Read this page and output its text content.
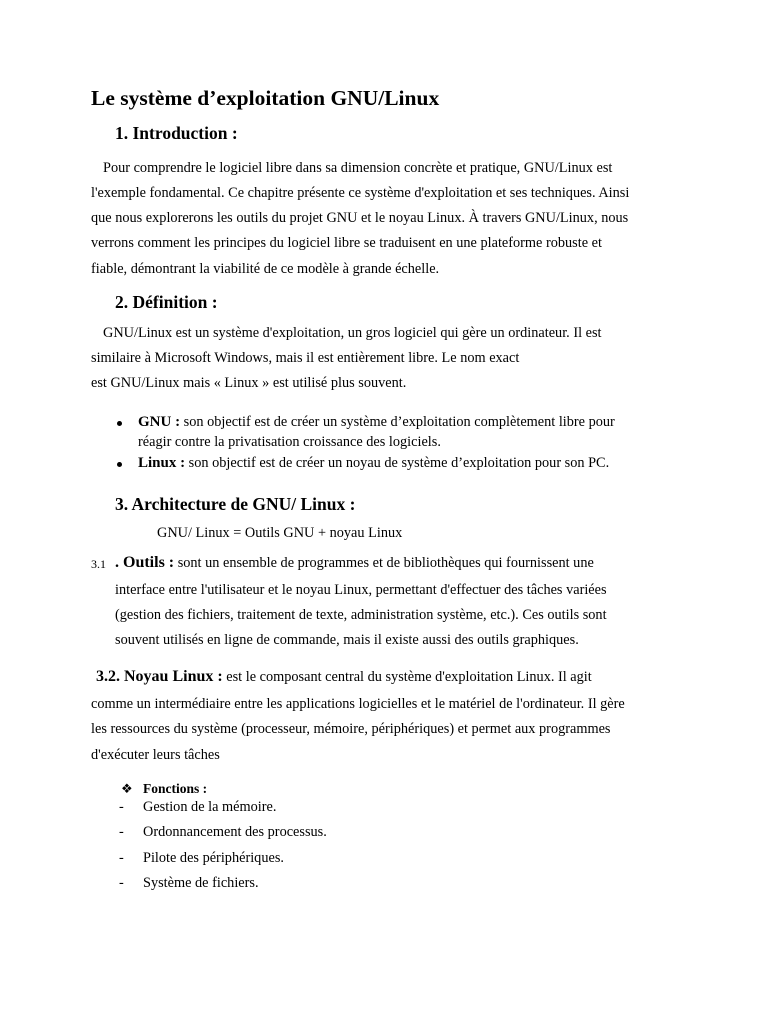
Le système d’exploitation GNU/Linux
1. Introduction :
Pour comprendre le logiciel libre dans sa dimension concrète et pratique, GNU/Linux est
l'exemple fondamental. Ce chapitre présente ce système d'exploitation et ses techniques. Ainsi
que nous explorerons les outils du projet GNU et le noyau Linux. À travers GNU/Linux, nous
verrons comment les principes du logiciel libre se traduisent en une plateforme robuste et
fiable, démontrant la viabilité de ce modèle à grande échelle.
2. Définition :
GNU/Linux est un système d'exploitation, un gros logiciel qui gère un ordinateur. Il est
similaire à Microsoft Windows, mais il est entièrement libre. Le nom exact
est GNU/Linux mais « Linux » est utilisé plus souvent.
GNU : son objectif est de créer un système d’exploitation complètement libre pour
réagir contre la privatisation croissance des logiciels.
Linux : son objectif est de créer un noyau de système d’exploitation pour son PC.
3. Architecture de GNU/ Linux :
GNU/ Linux = Outils GNU + noyau Linux
3.1 . Outils : sont un ensemble de programmes et de bibliothèques qui fournissent une
interface entre l'utilisateur et le noyau Linux, permettant d'effectuer des tâches variées
(gestion des fichiers, traitement de texte, administration système, etc.). Ces outils sont
souvent utilisés en ligne de commande, mais il existe aussi des outils graphiques.
3.2. Noyau Linux : est le composant central du système d'exploitation Linux. Il agit
comme un intermédiaire entre les applications logicielles et le matériel de l'ordinateur. Il gère
les ressources du système (processeur, mémoire, périphériques) et permet aux programmes
d'exécuter leurs tâches
❖ Fonctions :
- Gestion de la mémoire.
- Ordonnancement des processus.
- Pilote des périphériques.
- Système de fichiers.
